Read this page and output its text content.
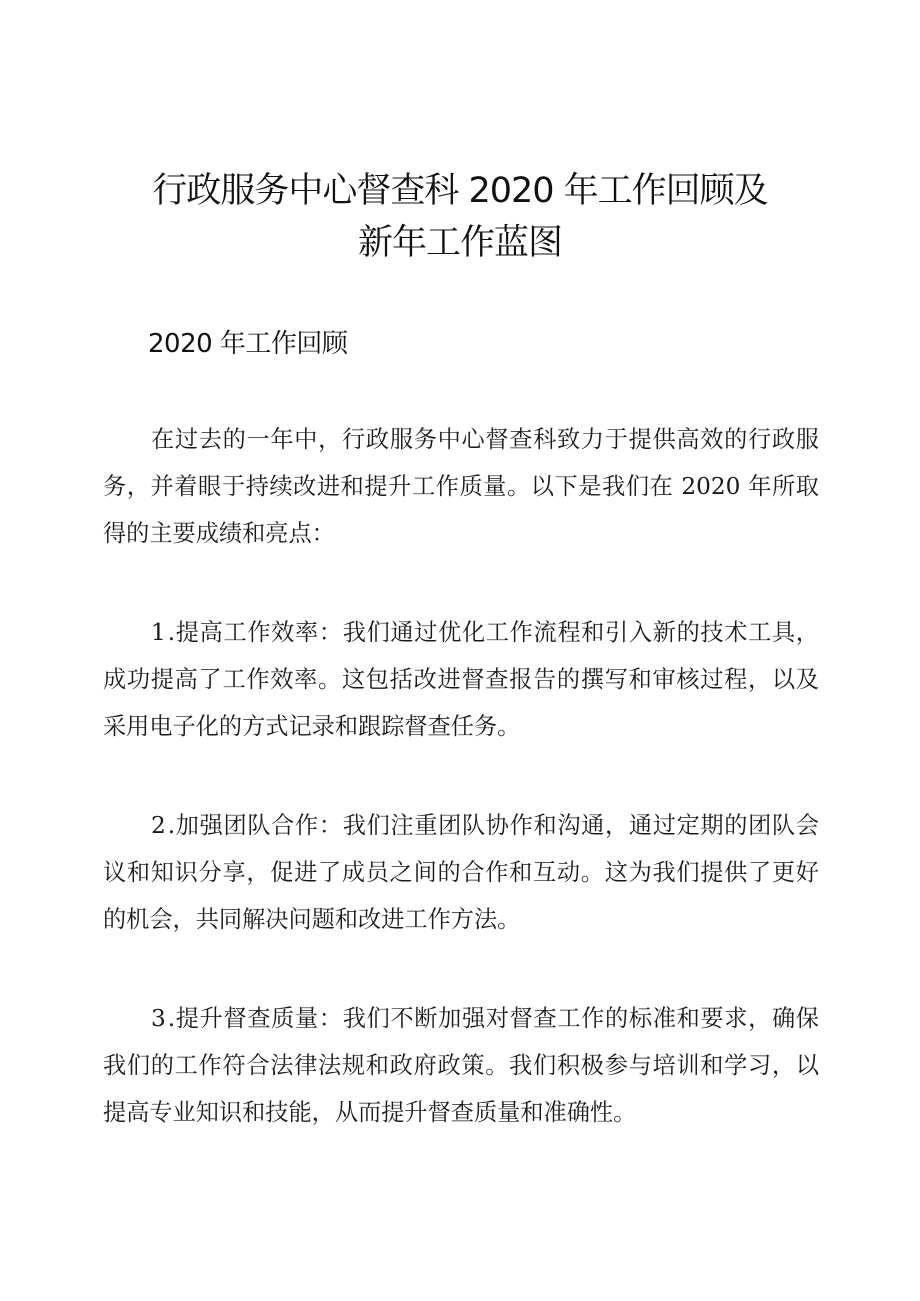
行政服务中心督查科 2020 年工作回顾及
新年工作蓝图
2020 年工作回顾

在过去的一年中，行政服务中心督查科致力于提供高效的行政服务，并着眼于持续改进和提升工作质量。以下是我们在 2020 年所取得的主要成绩和亮点：

1.提高工作效率：我们通过优化工作流程和引入新的技术工具，成功提高了工作效率。这包括改进督查报告的撰写和审核过程，以及采用电子化的方式记录和跟踪督查任务。

2.加强团队合作：我们注重团队协作和沟通，通过定期的团队会议和知识分享，促进了成员之间的合作和互动。这为我们提供了更好的机会，共同解决问题和改进工作方法。

3.提升督查质量：我们不断加强对督查工作的标准和要求，确保我们的工作符合法律法规和政府政策。我们积极参与培训和学习，以提高专业知识和技能，从而提升督查质量和准确性。
